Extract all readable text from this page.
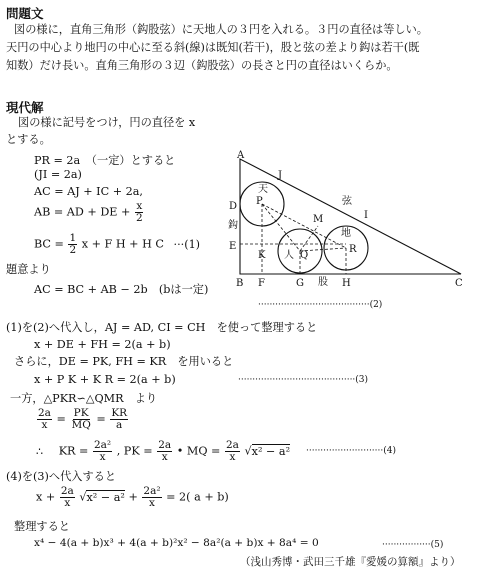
問題文
図の様に，直角三角形（鈎股弦）に天地人の３円を入れる。３円の直径は等しい。
天円の中心より地円の中心に至る斜(線)は既知(若干)，股と弦の差より鈎は若干(既
知数）だけ長い。直角三角形の３辺（鈎股弦）の長さと円の直径はいくらか。
現代解
図の様に記号をつけ，円の直径を x
とする。
PR = 2a　（一定）とすると
(JI = 2a)
AC = AJ + IC + 2a,
AB = AD + DE + $\frac{x}{2}$
BC = $\frac{1}{2}$ x + F H + H C ···(1)
題意より
AC = BC + AB − 2b　(bは一定)
·······································(2)
(1)を(2)へ代入し，AJ = AD, CI = CH　を使って整理すると
x + DE + FH = 2(a + b)
さらに，DE = PK, FH = KR　を用いると
x + P K + K R = 2(a + b)	·········································(3)
一方，△PKR∽△QMR　より
$\frac{2a}{x} = \frac{PK}{MQ} = \frac{KR}{a}$
∴ KR = $\frac{\text{2a²}}{x}$ , PK = $\frac{2a}{x}$ • MQ = $\frac{2a}{x} √x^2 - a^2 \cdot\cdot\cdot\cdot\cdot\cdot\cdot\cdot\cdot\cdot\cdot\cdot\cdot\cdot\cdot\cdot\cdot\cdot\cdot\cdot\cdot\cdot\cdot\cdot\cdot\cdot\cdot(4)$
(4)を(3)へ代入すると
$x + \frac{2a}{x} √x^2 - a^2 + \frac{\text{2a²}}{x} = 2$( a + b)
整理すると
x⁴ − 4(a + b)x³ + 4(a + b)²x² − 8a²(a + b)x + 8a⁴ = 0	·················(5)
（浅山秀博・武田三千雄『愛媛の算額』より）
A
B	C
D
E
F	G	H
I
J
K
M
P
Q
R
天
地
人
鈎
弦
股
